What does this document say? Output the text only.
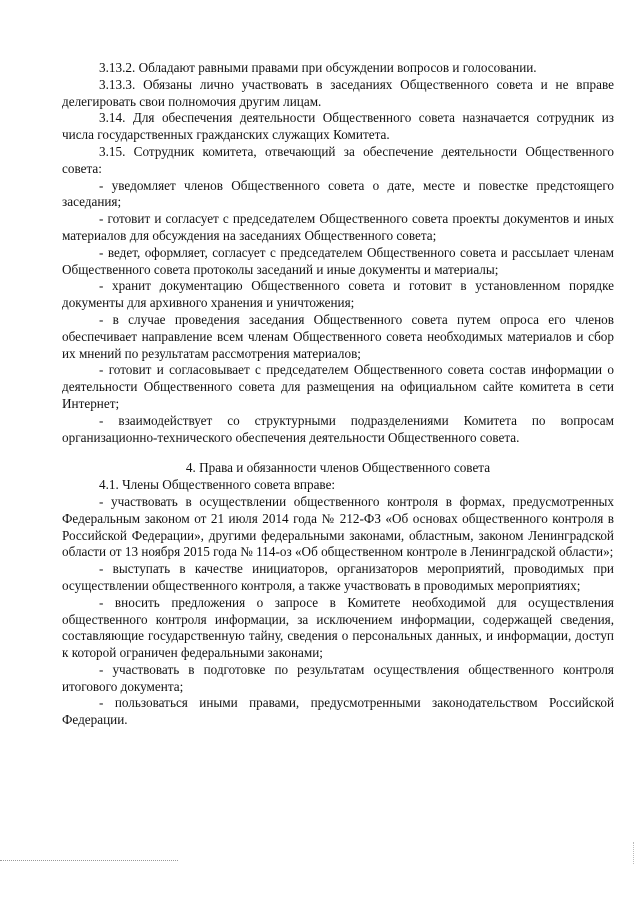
3.13.2. Обладают равными правами при обсуждении вопросов и голосовании.

3.13.3. Обязаны лично участвовать в заседаниях Общественного совета и не вправе делегировать свои полномочия другим лицам.

3.14. Для обеспечения деятельности Общественного совета назначается сотрудник из числа государственных гражданских служащих Комитета.

3.15. Сотрудник комитета, отвечающий за обеспечение деятельности Общественного совета:

- уведомляет членов Общественного совета о дате, месте и повестке предстоящего заседания;

- готовит и согласует с председателем Общественного совета проекты документов и иных материалов для обсуждения на заседаниях Общественного совета;

- ведет, оформляет, согласует с председателем Общественного совета и рассылает членам Общественного совета протоколы заседаний и иные документы и материалы;

- хранит документацию Общественного совета и готовит в установленном порядке документы для архивного хранения и уничтожения;

- в случае проведения заседания Общественного совета путем опроса его членов обеспечивает направление всем членам Общественного совета необходимых материалов и сбор их мнений по результатам рассмотрения материалов;

- готовит и согласовывает с председателем Общественного совета состав информации о деятельности Общественного совета для размещения на официальном сайте комитета в сети Интернет;

- взаимодействует со структурными подразделениями Комитета по вопросам организационно-технического обеспечения деятельности Общественного совета.

4. Права и обязанности членов Общественного совета

4.1. Члены Общественного совета вправе:

- участвовать в осуществлении общественного контроля в формах, предусмотренных Федеральным законом от 21 июля 2014 года № 212-ФЗ «Об основах общественного контроля в Российской Федерации», другими федеральными законами, областным, законом Ленинградской области от 13 ноября 2015 года № 114-оз «Об общественном контроле в Ленинградской области»;

- выступать в качестве инициаторов, организаторов мероприятий, проводимых при осуществлении общественного контроля, а также участвовать в проводимых мероприятиях;

- вносить предложения о запросе в Комитете необходимой для осуществления общественного контроля информации, за исключением информации, содержащей сведения, составляющие государственную тайну, сведения о персональных данных, и информации, доступ к которой ограничен федеральными законами;

- участвовать в подготовке по результатам осуществления общественного контроля итогового документа;

- пользоваться иными правами, предусмотренными законодательством Российской Федерации.
